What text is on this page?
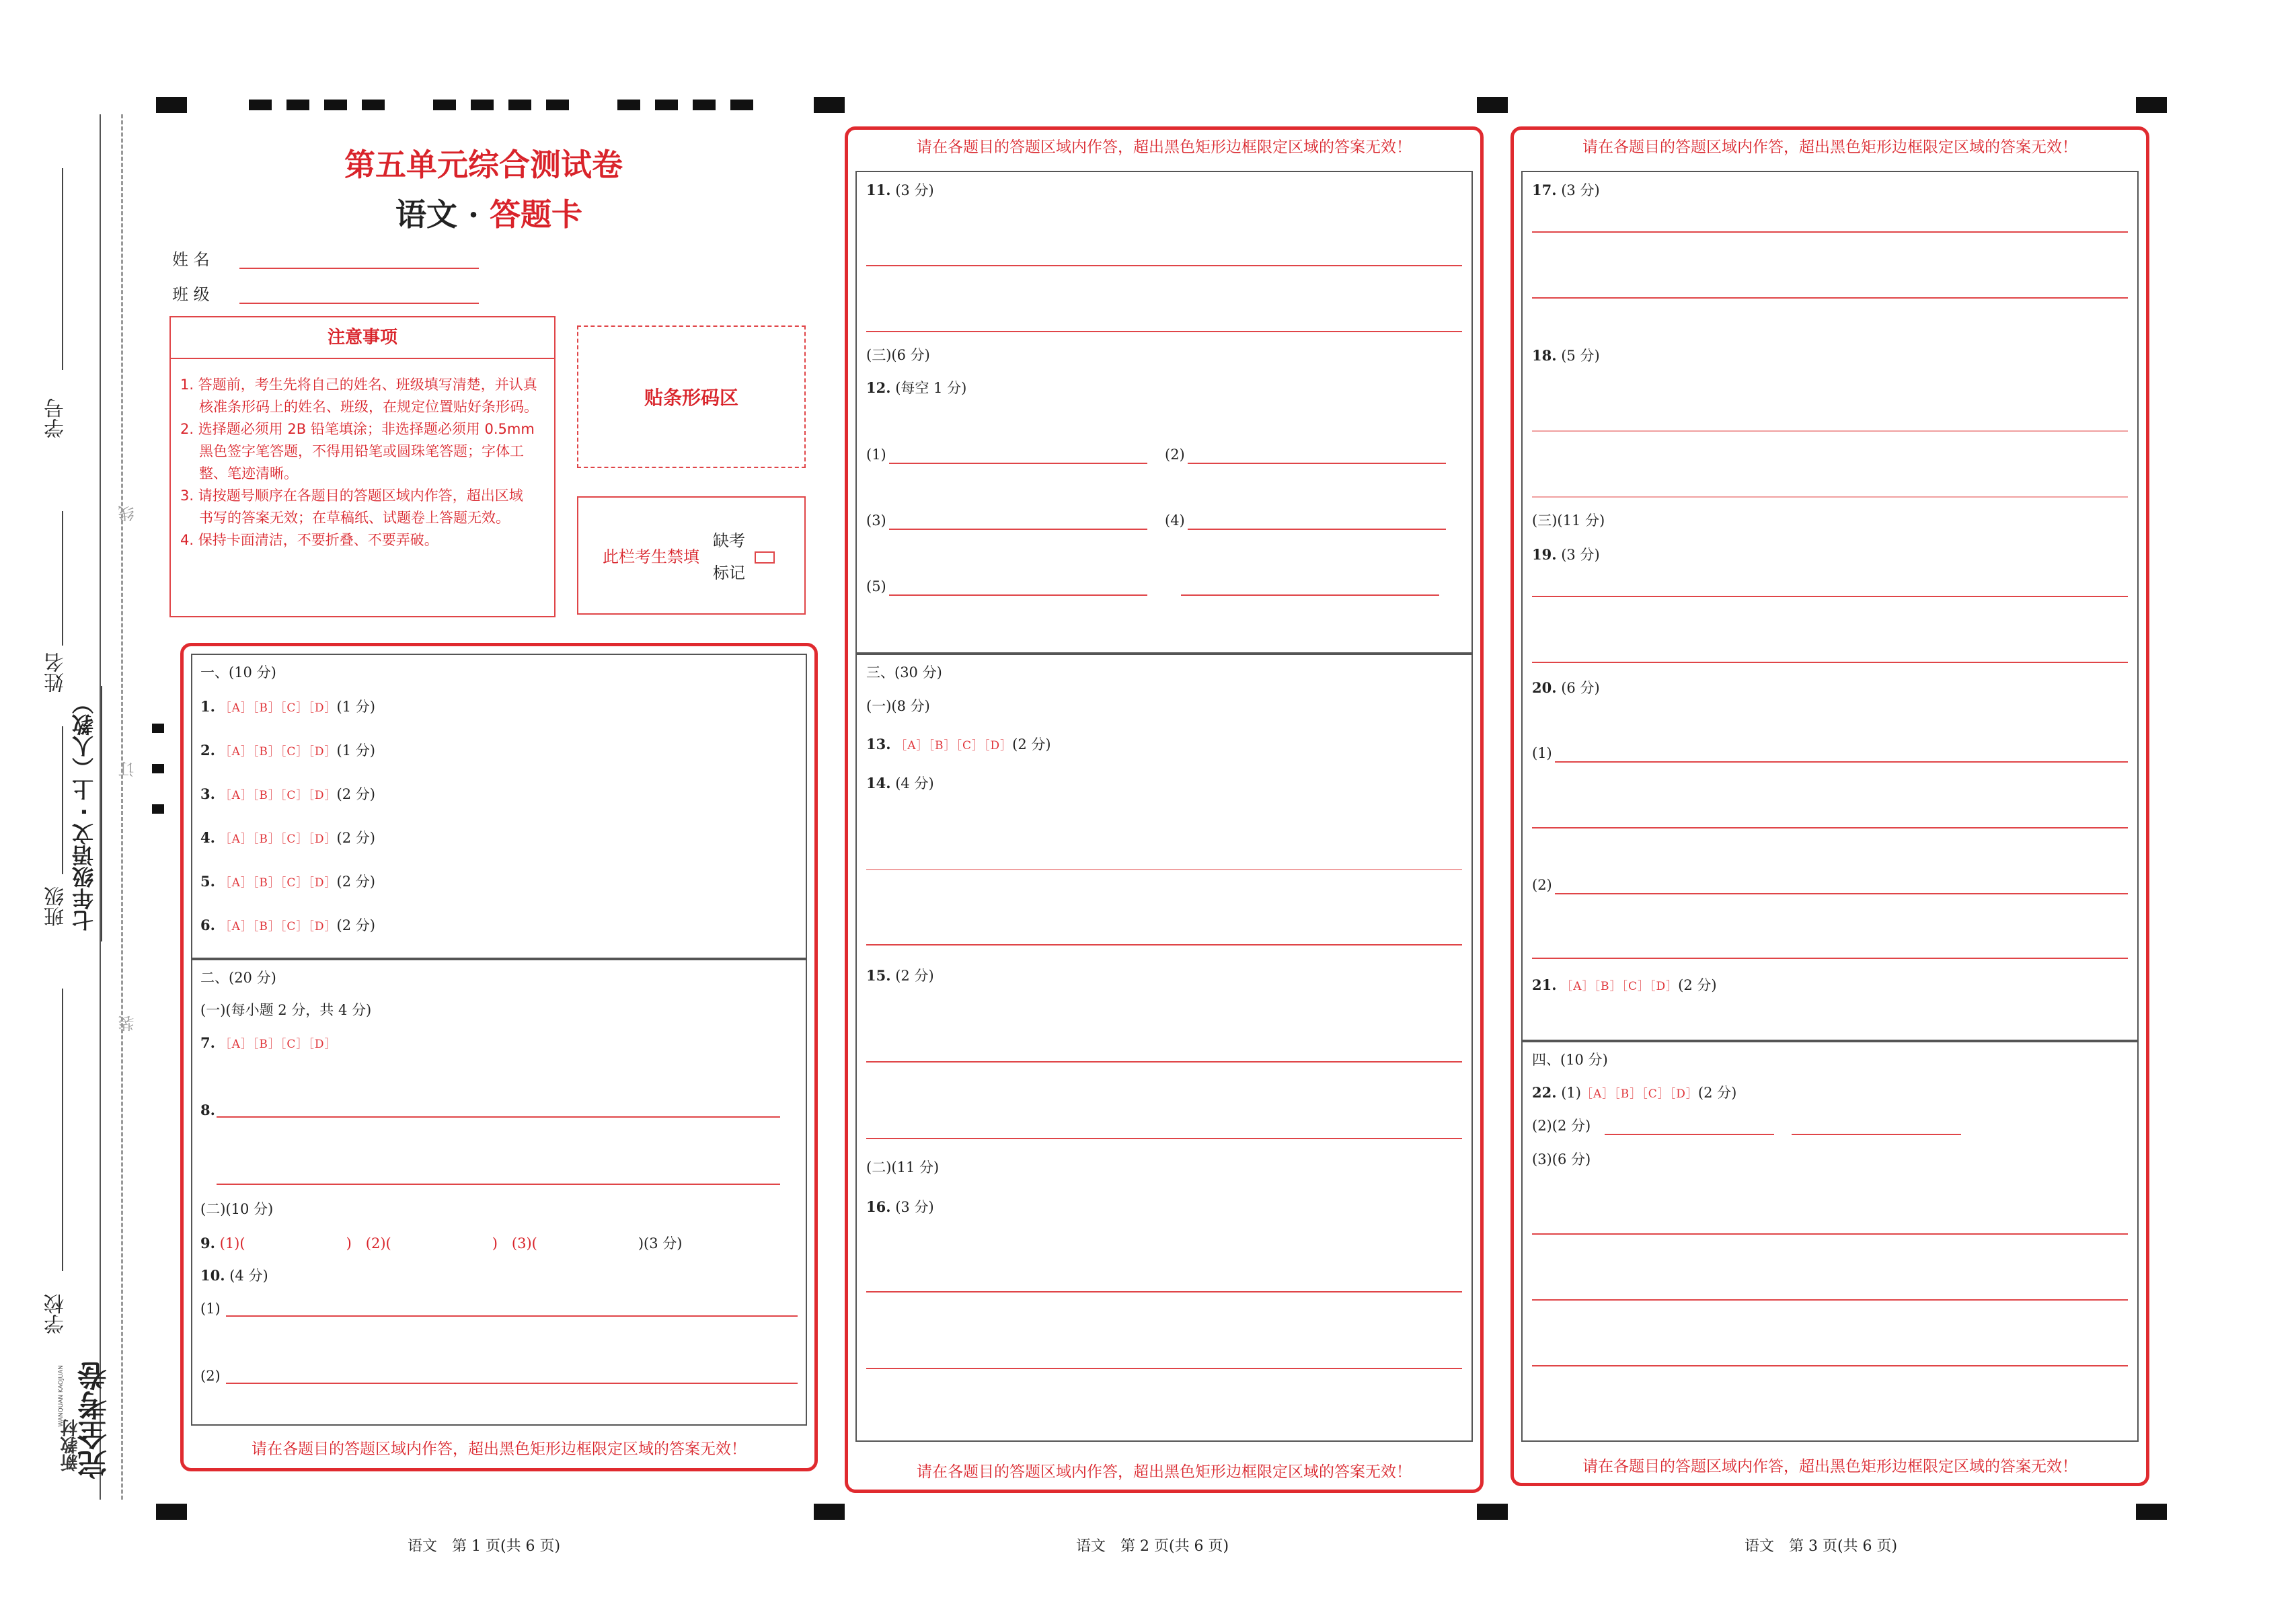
线
订
装
学号
姓名
班级 七年级语文 · 上（人教）
学校
新教材
完全考卷
WANQUAN KAOJUAN
第五单元综合测试卷
语文 · 答题卡
姓 名
班 级
注意事项
1. 答题前，考生先将自己的姓名、班级填写清楚，并认真
核准条形码上的姓名、班级，在规定位置贴好条形码。
2. 选择题必须用 2B 铅笔填涂；非选择题必须用 0.5mm
黑色签字笔答题，不得用铅笔或圆珠笔答题；字体工
整、笔迹清晰。
3. 请按题号顺序在各题目的答题区域内作答，超出区域
书写的答案无效；在草稿纸、试题卷上答题无效。
4. 保持卡面清洁，不要折叠、不要弄破。
贴条形码区
此栏考生禁填
缺考
标记
一、(10 分)
1. ［A］［B］［C］［D］(1 分)
2. ［A］［B］［C］［D］(1 分)
3. ［A］［B］［C］［D］(2 分)
4. ［A］［B］［C］［D］(2 分)
5. ［A］［B］［C］［D］(2 分)
6. ［A］［B］［C］［D］(2 分)
二、(20 分)
(一)(每小题 2 分，共 4 分)
7. ［A］［B］［C］［D］
8.
(二)(10 分)
9. (1)(	)　(2)(	)　(3)(	)(3 分)
10. (4 分)
(1)
(2)
请在各题目的答题区域内作答，超出黑色矩形边框限定区域的答案无效！
请在各题目的答题区域内作答，超出黑色矩形边框限定区域的答案无效！
11. (3 分)
(三)(6 分)
12. (每空 1 分)
(1)	(2)
(3)	(4)
(5)
三、(30 分)
(一)(8 分)
13. ［A］［B］［C］［D］(2 分)
14. (4 分)
15. (2 分)
(二)(11 分)
16. (3 分)
请在各题目的答题区域内作答，超出黑色矩形边框限定区域的答案无效！
请在各题目的答题区域内作答，超出黑色矩形边框限定区域的答案无效！
17. (3 分)
18. (5 分)
(三)(11 分)
19. (3 分)
20. (6 分)
(1)
(2)
21. ［A］［B］［C］［D］(2 分)
四、(10 分)
22. (1)［A］［B］［C］［D］(2 分)
(2)(2 分)
(3)(6 分)
请在各题目的答题区域内作答，超出黑色矩形边框限定区域的答案无效！
语文　第 1 页(共 6 页)	语文　第 2 页(共 6 页)	语文　第 3 页(共 6 页)
